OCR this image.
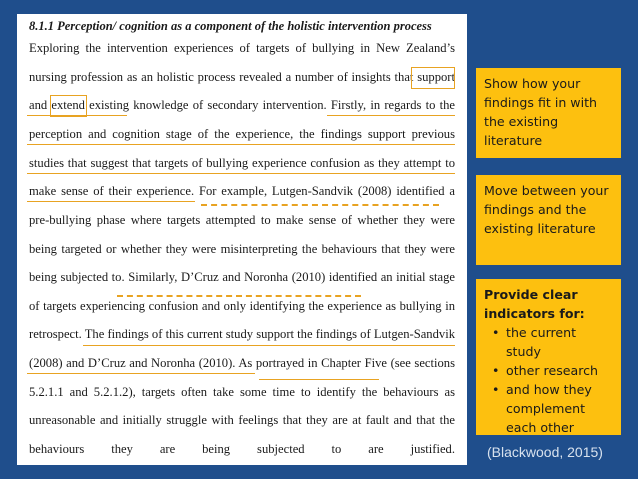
8.1.1 Perception/ cognition as a component of the holistic intervention process
Exploring the intervention experiences of targets of bullying in New Zealand’s
nursing profession as an holistic process revealed a number of insights that support
and extend existing knowledge of secondary intervention. Firstly, in regards to the
perception and cognition stage of the experience, the findings support previous
studies that suggest that targets of bullying experience confusion as they attempt to
make sense of their experience. For example, Lutgen-Sandvik (2008) identified a
pre-bullying phase where targets attempted to make sense of whether they were
being targeted or whether they were misinterpreting the behaviours that they were
being subjected to. Similarly, D’Cruz and Noronha (2010) identified an initial stage
of targets experiencing confusion and only identifying the experience as bullying in
retrospect. The findings of this current study support the findings of Lutgen-Sandvik
(2008) and D’Cruz and Noronha (2010). As portrayed in Chapter Five (see sections
5.2.1.1 and 5.2.1.2), targets often take some time to identify the behaviours as
unreasonable and initially struggle with feelings that they are at fault and that the
behaviours they are being subjected to are justified.
Show how your findings fit in with the existing literature
Move between your findings and the existing literature
Provide clear indicators for:
• the current study
• other research
• and how they complement each other
(Blackwood, 2015)
